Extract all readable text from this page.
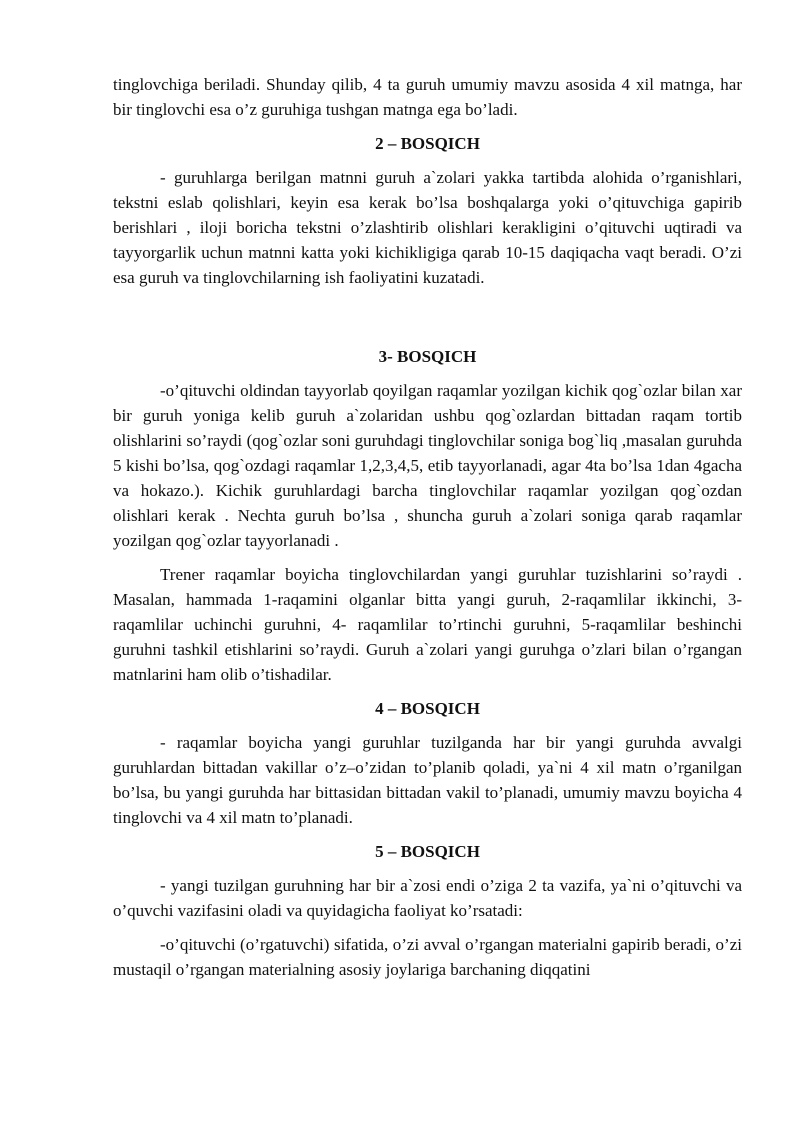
tinglovchiga beriladi. Shunday qilib, 4 ta guruh umumiy mavzu asosida 4 xil matnga, har bir tinglovchi esa o’z guruhiga tushgan matnga ega bo’ladi.

2 – BOSQICH

- guruhlarga berilgan matnni guruh a`zolari yakka tartibda alohida o’rganishlari, tekstni eslab qolishlari, keyin esa kerak bo’lsa boshqalarga yoki o’qituvchiga gapirib berishlari , iloji boricha tekstni o’zlashtirib olishlari kerakligini o’qituvchi uqtiradi va tayyorgarlik uchun matnni katta yoki kichikligiga qarab 10-15 daqiqacha vaqt beradi. O’zi esa guruh va tinglovchilarning ish faoliyatini kuzatadi.

3- BOSQICH

-o’qituvchi oldindan tayyorlab qoyilgan raqamlar yozilgan kichik qog`ozlar bilan xar bir guruh yoniga kelib guruh a`zolaridan ushbu qog`ozlardan bittadan raqam tortib olishlarini so’raydi (qog`ozlar soni guruhdagi tinglovchilar soniga bog`liq ,masalan guruhda 5 kishi bo’lsa, qog`ozdagi raqamlar 1,2,3,4,5, etib tayyorlanadi, agar 4ta bo’lsa 1dan 4gacha va hokazo.). Kichik guruhlardagi barcha tinglovchilar raqamlar yozilgan qog`ozdan olishlari kerak . Nechta guruh bo’lsa , shuncha guruh a`zolari soniga qarab raqamlar yozilgan qog`ozlar tayyorlanadi .

Trener raqamlar boyicha tinglovchilardan yangi guruhlar tuzishlarini so’raydi . Masalan, hammada 1-raqamini olganlar bitta yangi guruh, 2-raqamlilar ikkinchi, 3-raqamlilar uchinchi guruhni, 4- raqamlilar to’rtinchi guruhni, 5-raqamlilar beshinchi guruhni tashkil etishlarini so’raydi. Guruh a`zolari yangi guruhga o’zlari bilan o’rgangan matnlarini ham olib o’tishadilar.

4 – BOSQICH

- raqamlar boyicha yangi guruhlar tuzilganda har bir yangi guruhda avvalgi guruhlardan bittadan vakillar o’z–o’zidan to’planib qoladi, ya`ni 4 xil matn o’rganilgan bo’lsa, bu yangi guruhda har bittasidan bittadan vakil to’planadi, umumiy mavzu boyicha 4 tinglovchi va 4 xil matn to’planadi.

5 – BOSQICH

- yangi tuzilgan guruhning har bir a`zosi endi o’ziga 2 ta vazifa, ya`ni o’qituvchi va o’quvchi vazifasini oladi va quyidagicha faoliyat ko’rsatadi:

-o’qituvchi (o’rgatuvchi) sifatida, o’zi avval o’rgangan materialni gapirib beradi, o’zi mustaqil o’rgangan materialning asosiy joylariga barchaning diqqatini
